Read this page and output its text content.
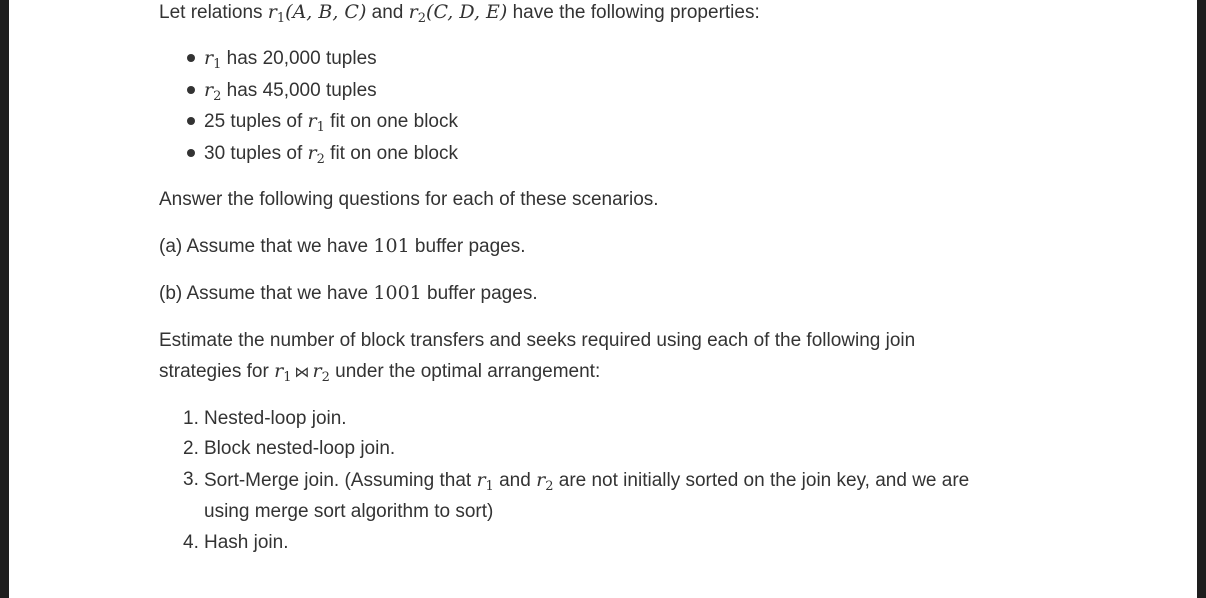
Let relations $r_1(A$, B, C) and $r_2(C$, D, E) have the following properties:
$r_1$ has 20,000 tuples
$r_2$ has 45,000 tuples
25 tuples of $r_1$ fit on one block
30 tuples of $r_2$ fit on one block
Answer the following questions for each of these scenarios.
(a) Assume that we have 101 buffer pages.
(b) Assume that we have 1001 buffer pages.
Estimate the number of block transfers and seeks required using each of the following join
strategies for $r_1$ ⋈ $r_2$ under the optimal arrangement:
1. Nested-loop join.
2. Block nested-loop join.
3. Sort-Merge join. (Assuming that $r_1$ and $r_2$ are not initially sorted on the join key, and we are
using merge sort algorithm to sort)
4. Hash join.
